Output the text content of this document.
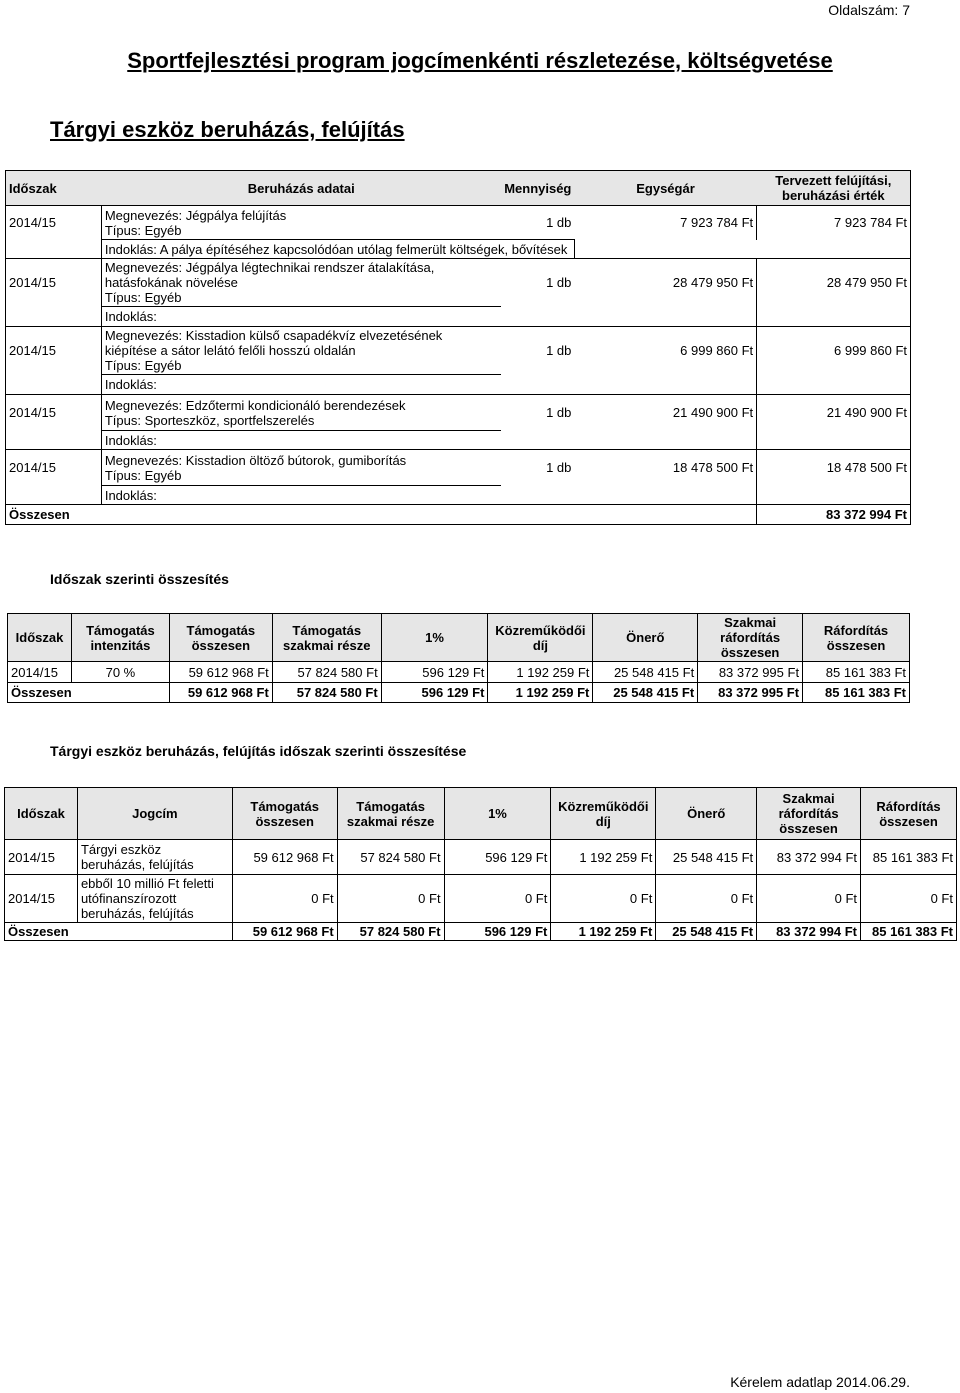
Oldalszám: 7
Sportfejlesztési program jogcímenkénti részletezése, költségvetése
Tárgyi eszköz beruházás, felújítás
Időszak	Beruházás adatai	Mennyiség	Egységár	Tervezett felújítási,
beruházási érték

2014/15	Megnevezés: Jégpálya felújítás
Típus: Egyéb	1 db	7 923 784 Ft	7 923 784 Ft
	Indoklás: A pálya építéséhez kapcsolódóan utólag felmerült költségek, bővítések			
2014/15	Megnevezés: Jégpálya légtechnikai rendszer átalakítása,
hatásfokának növelése
Típus: Egyéb	1 db	28 479 950 Ft	28 479 950 Ft
	Indoklás:			
2014/15	Megnevezés: Kisstadion külső csapadékvíz elvezetésének
kiépítése a sátor lelátó felőli hosszú oldalán
Típus: Egyéb	1 db	6 999 860 Ft	6 999 860 Ft
	Indoklás:			
2014/15	Megnevezés: Edzőtermi kondicionáló berendezések
Típus: Sporteszköz, sportfelszerelés	1 db	21 490 900 Ft	21 490 900 Ft
	Indoklás:			
2014/15	Megnevezés: Kisstadion öltöző bútorok, gumiborítás
Típus: Egyéb	1 db	18 478 500 Ft	18 478 500 Ft
	Indoklás:			
Összesen				83 372 994 Ft
Időszak szerinti összesítés
Időszak	Támogatás intenzitás	Támogatás összesen	Támogatás szakmai része	1%	Közreműködői díj	Önerő	Szakmai ráfordítás összesen	Ráfordítás összesen
2014/15	70 %	59 612 968 Ft	57 824 580 Ft	596 129 Ft	1 192 259 Ft	25 548 415 Ft	83 372 995 Ft	85 161 383 Ft
Összesen		59 612 968 Ft	57 824 580 Ft	596 129 Ft	1 192 259 Ft	25 548 415 Ft	83 372 995 Ft	85 161 383 Ft
Tárgyi eszköz beruházás, felújítás időszak szerinti összesítése
Időszak	Jogcím	Támogatás összesen	Támogatás szakmai része	1%	Közreműködői díj	Önerő	Szakmai ráfordítás összesen	Ráfordítás összesen
2014/15	Tárgyi eszköz beruházás, felújítás	59 612 968 Ft	57 824 580 Ft	596 129 Ft	1 192 259 Ft	25 548 415 Ft	83 372 994 Ft	85 161 383 Ft
2014/15	ebből 10 millió Ft feletti utófinanszírozott beruházás, felújítás	0 Ft	0 Ft	0 Ft	0 Ft	0 Ft	0 Ft	0 Ft
Összesen		59 612 968 Ft	57 824 580 Ft	596 129 Ft	1 192 259 Ft	25 548 415 Ft	83 372 994 Ft	85 161 383 Ft
Kérelem adatlap 2014.06.29.
